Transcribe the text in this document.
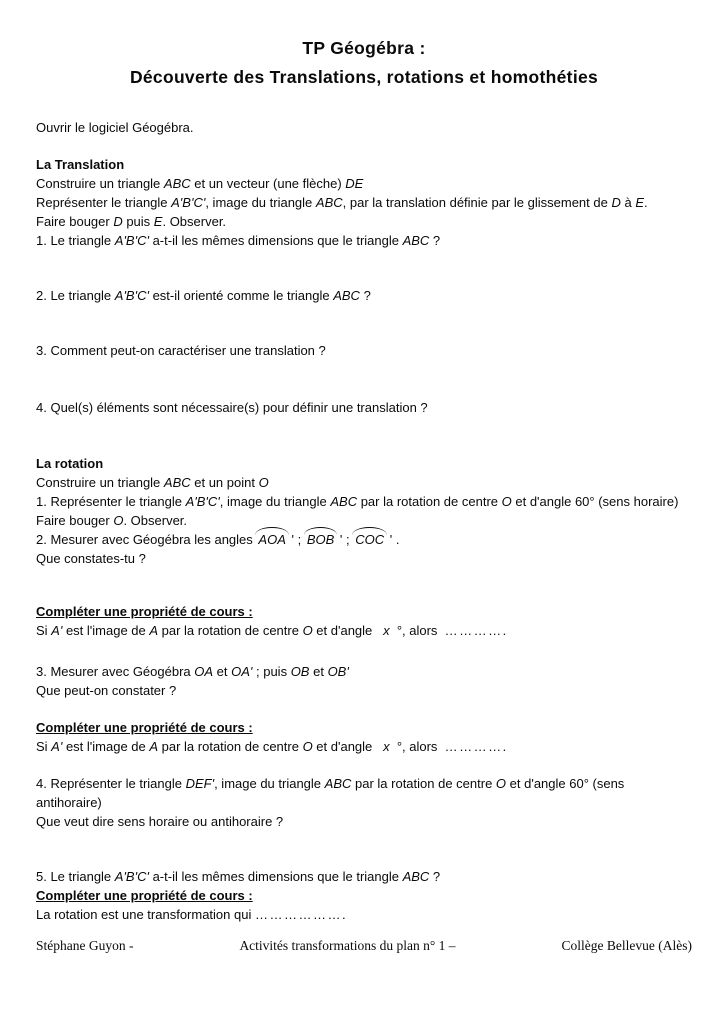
TP Géogébra :
Découverte des Translations, rotations et homothéties
Ouvrir le logiciel Géogébra.
La Translation
Construire un triangle ABC et un vecteur (une flèche) DE
Représenter le triangle A'B'C', image du triangle ABC, par la translation définie par le glissement de D à E.
Faire bouger D puis E. Observer.
1. Le triangle A'B'C' a-t-il les mêmes dimensions que le triangle ABC ?
2. Le triangle A'B'C' est-il orienté comme le triangle ABC ?
3. Comment peut-on caractériser une translation ?
4. Quel(s) éléments sont nécessaire(s) pour définir une translation ?
La rotation
Construire un triangle ABC et un point O
1. Représenter le triangle A'B'C', image du triangle ABC par la rotation de centre O et d'angle 60° (sens horaire)
Faire bouger O. Observer.
2. Mesurer avec Géogébra les angles AOA ' ; BOB ' ; COC ' .
Que constates-tu ?
Compléter une propriété de cours :
Si A' est l'image de A par la rotation de centre O et d'angle   x  °, alors  ………….
3. Mesurer avec Géogébra OA et OA' ; puis OB et OB'
Que peut-on constater ?
Compléter une propriété de cours :
Si A' est l'image de A par la rotation de centre O et d'angle   x  °, alors  ………….
4. Représenter le triangle DEF', image du triangle ABC par la rotation de centre O et d'angle 60° (sens antihoraire)
Que veut dire sens horaire ou antihoraire ?
5. Le triangle A'B'C' a-t-il les mêmes dimensions que le triangle ABC ?
Compléter une propriété de cours :
La rotation est une transformation qui ……………….
Stéphane Guyon -	Activités transformations du plan n° 1 –	Collège Bellevue (Alès)
